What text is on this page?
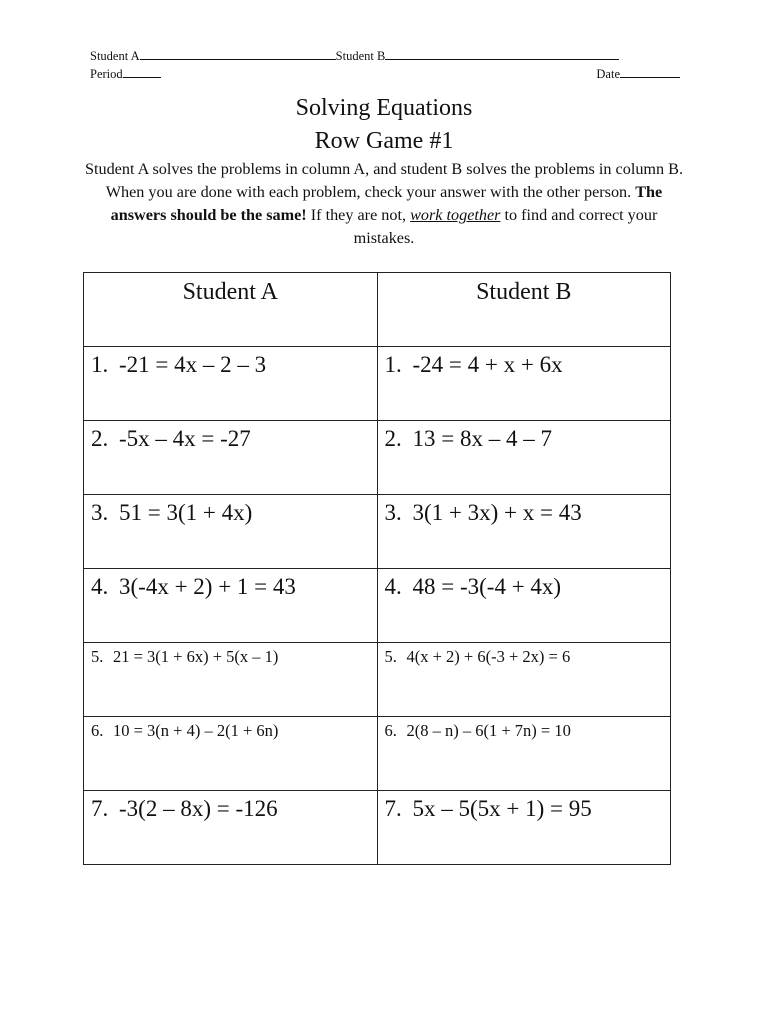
Student A	Student B
Period	Date
Solving Equations
Row Game #1
Student A solves the problems in column A, and student B solves the problems in column B. When you are done with each problem, check your answer with the other person. The answers should be the same! If they are not, work together to find and correct your mistakes.
Student A	Student B
1. -21 = 4x – 2 – 3	1. -24 = 4 + x + 6x
2. -5x – 4x = -27	2. 13 = 8x – 4 – 7
3. 51 = 3(1 + 4x)	3. 3(1 + 3x) + x = 43
4. 3(-4x + 2) + 1 = 43	4. 48 = -3(-4 + 4x)
5. 21 = 3(1 + 6x) + 5(x – 1)	5. 4(x + 2) + 6(-3 + 2x) = 6
6. 10 = 3(n + 4) – 2(1 + 6n)	6. 2(8 – n) – 6(1 + 7n) = 10
7. -3(2 – 8x) = -126	7. 5x – 5(5x + 1) = 95
